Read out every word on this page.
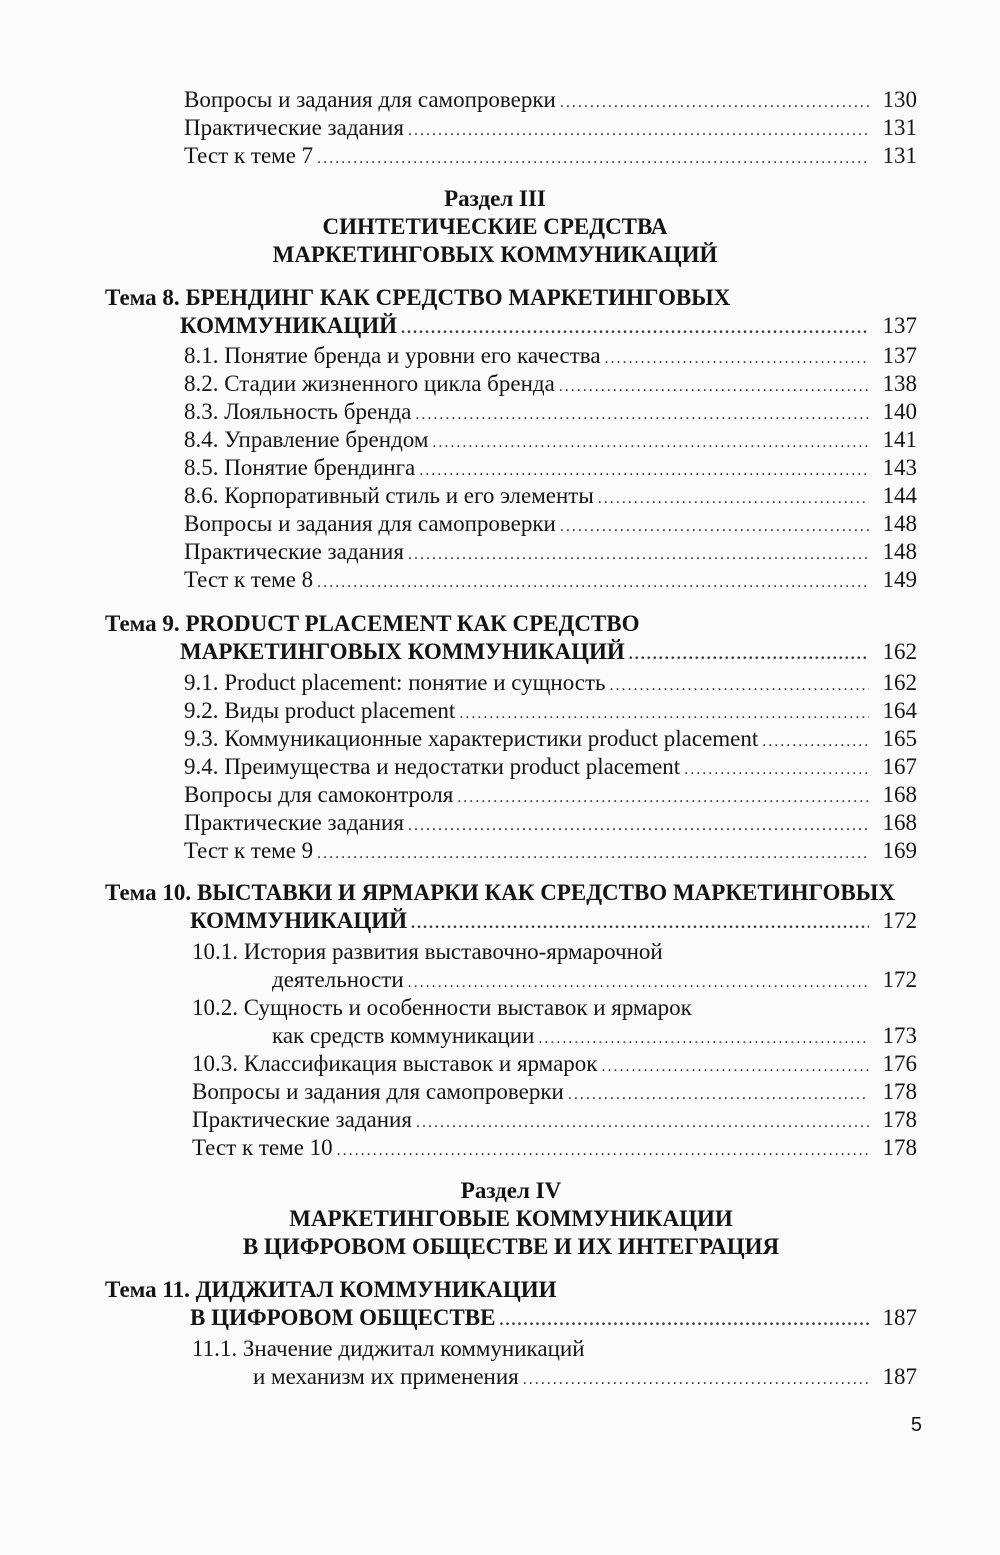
Вопросы и задания для самопроверки .....	130
Практические задания .....	131
Тест к теме 7 .....	131
Раздел III
СИНТЕТИЧЕСКИЕ СРЕДСТВА
МАРКЕТИНГОВЫХ КОММУНИКАЦИЙ
Тема 8. БРЕНДИНГ КАК СРЕДСТВО МАРКЕТИНГОВЫХ
КОММУНИКАЦИЙ .....	137
8.1. Понятие бренда и уровни его качества .....	137
8.2. Стадии жизненного цикла бренда .....	138
8.3. Лояльность бренда .....	140
8.4. Управление брендом .....	141
8.5. Понятие брендинга .....	143
8.6. Корпоративный стиль и его элементы .....	144
Вопросы и задания для самопроверки .....	148
Практические задания .....	148
Тест к теме 8 .....	149
Тема 9. PRODUCT PLACEMENT КАК СРЕДСТВО
МАРКЕТИНГОВЫХ КОММУНИКАЦИЙ .....	162
9.1. Product placement: понятие и сущность .....	162
9.2. Виды product placement .....	164
9.3. Коммуникационные характеристики product placement .....	165
9.4. Преимущества и недостатки product placement .....	167
Вопросы для самоконтроля .....	168
Практические задания .....	168
Тест к теме 9 .....	169
Тема 10. ВЫСТАВКИ И ЯРМАРКИ КАК СРЕДСТВО МАРКЕТИНГОВЫХ
КОММУНИКАЦИЙ .....	172
10.1. История развития выставочно-ярмарочной
деятельности .....	172
10.2. Сущность и особенности выставок и ярмарок
как средств коммуникации .....	173
10.3. Классификация выставок и ярмарок .....	176
Вопросы и задания для самопроверки .....	178
Практические задания .....	178
Тест к теме 10 .....	178
Раздел IV
МАРКЕТИНГОВЫЕ КОММУНИКАЦИИ
В ЦИФРОВОМ ОБЩЕСТВЕ И ИХ ИНТЕГРАЦИЯ
Тема 11. ДИДЖИТАЛ КОММУНИКАЦИИ
В ЦИФРОВОМ ОБЩЕСТВЕ .....	187
11.1. Значение диджитал коммуникаций
и механизм их применения .....	187
5
